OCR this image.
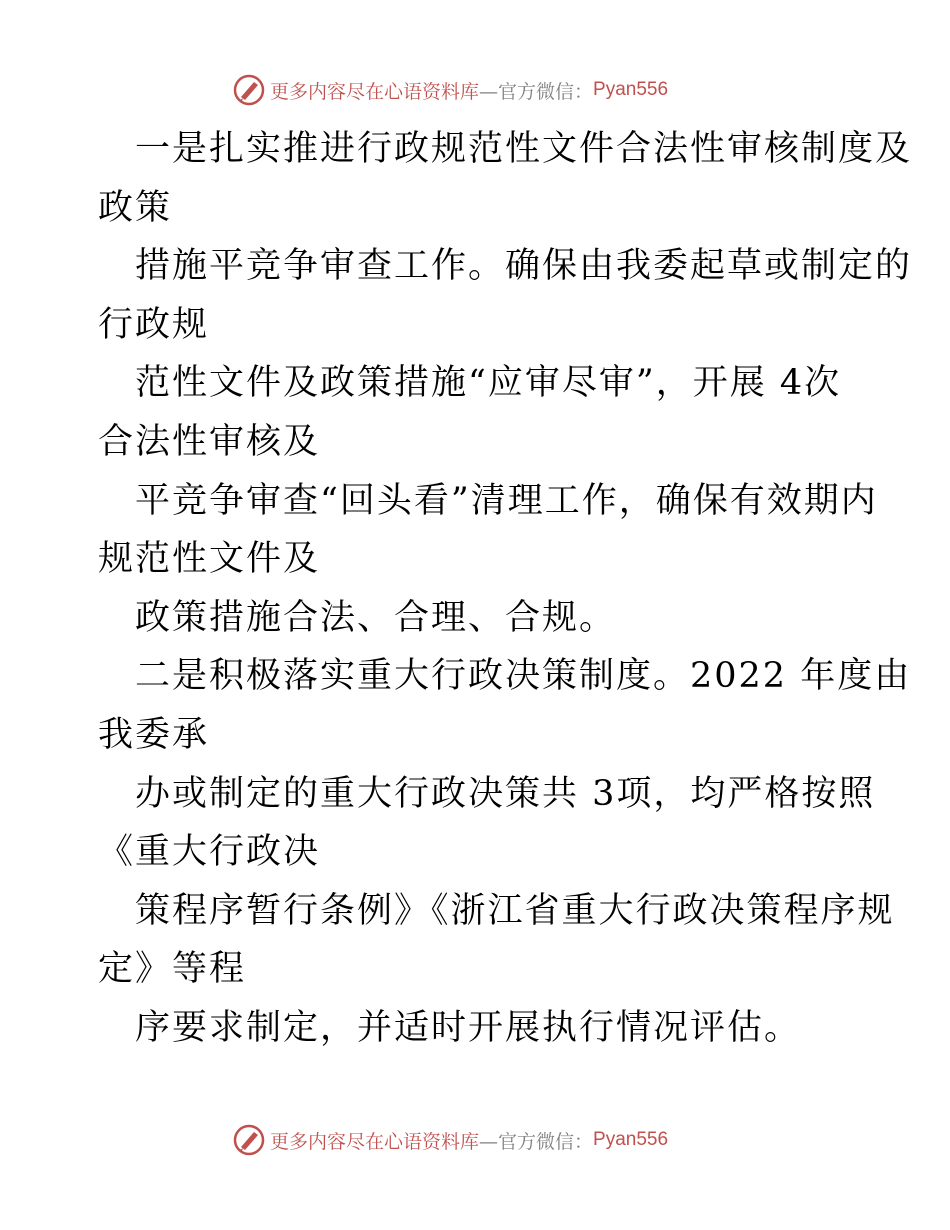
更多内容尽在心语资料库 —官方微信： Pyan556
一是扎实推进行政规范性文件合法性审核制度及
政策
措施平竞争审查工作。确保由我委起草或制定的
行政规
范性文件及政策措施“应审尽审”，开展 4次
合法性审核及
平竞争审查“回头看”清理工作，确保有效期内
规范性文件及
政策措施合法、合理、合规。
二是积极落实重大行政决策制度。2022 年度由
我委承
办或制定的重大行政决策共 3项，均严格按照
《重大行政决
策程序暂行条例》《浙江省重大行政决策程序规
定》等程
序要求制定，并适时开展执行情况评估。
更多内容尽在心语资料库 —官方微信： Pyan556
